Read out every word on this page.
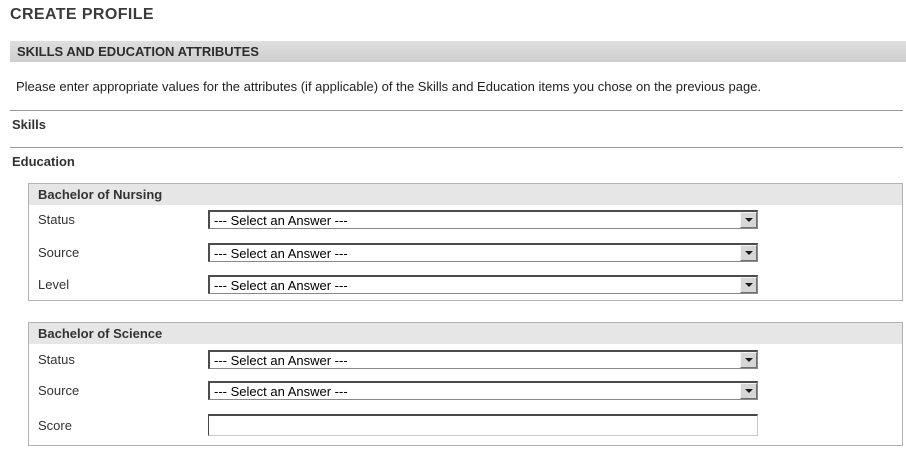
CREATE PROFILE
SKILLS AND EDUCATION ATTRIBUTES
Please enter appropriate values for the attributes (if applicable) of the Skills and Education items you chose on the previous page.
Skills
Education
Bachelor of Nursing
Status	--- Select an Answer ---
Source	--- Select an Answer ---
Level	--- Select an Answer ---
Bachelor of Science
Status	--- Select an Answer ---
Source	--- Select an Answer ---
Score
